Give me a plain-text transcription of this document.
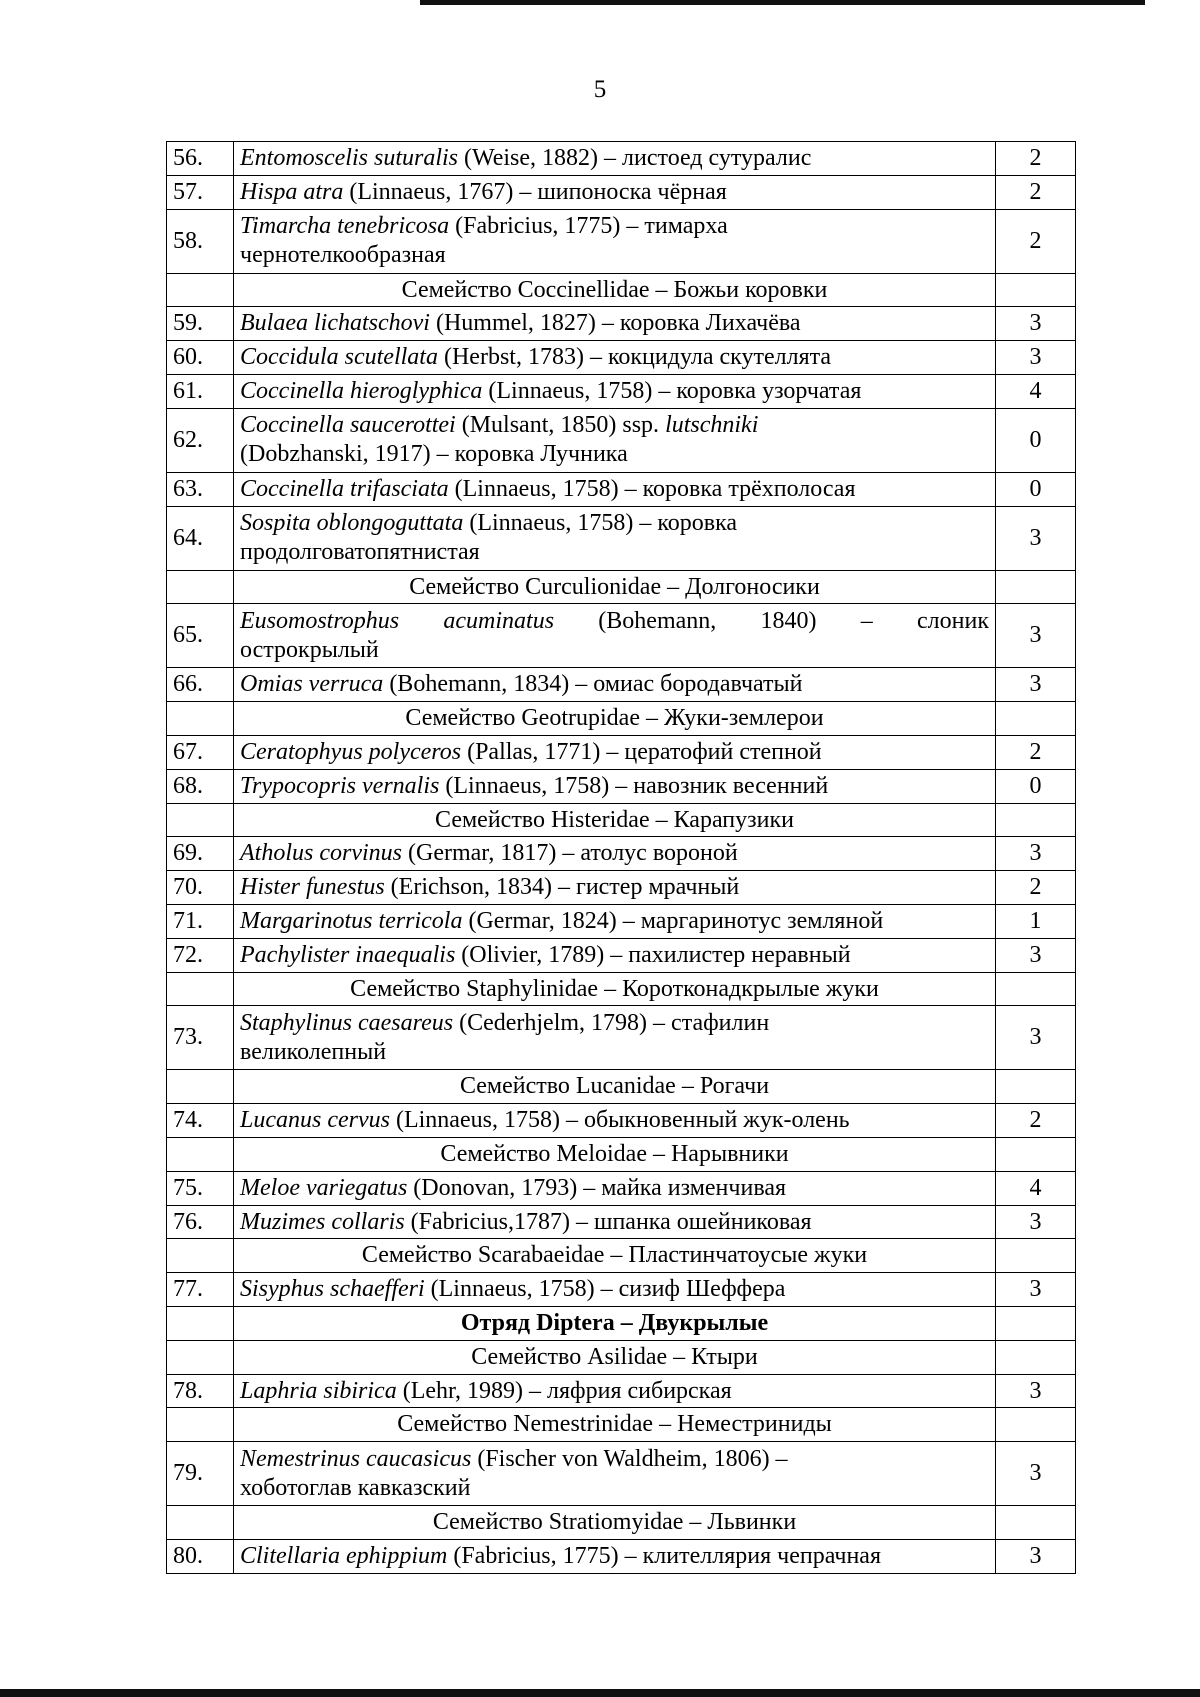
5
56.	Entomoscelis suturalis (Weise, 1882) – листоед сутуралис	2
57.	Hispa atra (Linnaeus, 1767) – шипоноска чёрная	2
58.	Timarcha tenebricosa (Fabricius, 1775) – тимарха
чернотелкообразная	2
	Семейство Coccinellidae – Божьи коровки	
59.	Bulaea lichatschovi (Hummel, 1827) – коровка Лихачёва	3
60.	Coccidula scutellata (Herbst, 1783) – кокцидула скутеллята	3
61.	Coccinella hieroglyphica (Linnaeus, 1758) – коровка узорчатая	4
62.	Coccinella saucerottei (Mulsant, 1850) ssp. lutschniki
(Dobzhanski, 1917) – коровка Лучника	0
63.	Coccinella trifasciata (Linnaeus, 1758) – коровка трёхполосая	0
64.	Sospita oblongoguttata (Linnaeus, 1758) – коровка
продолговатопятнистая	3
	Семейство Curculionidae – Долгоносики	
65.	Eusomostrophus acuminatus (Bohemann, 1840) – слоник
острокрылый	3
66.	Omias verruca (Bohemann, 1834) – омиас бородавчатый	3
	Семейство Geotrupidae – Жуки-землерои	
67.	Ceratophyus polyceros (Pallas, 1771) – цератофий степной	2
68.	Trypocopris vernalis (Linnaeus, 1758) – навозник весенний	0
	Семейство Histeridae – Карапузики	
69.	Atholus corvinus (Germar, 1817) – атолус вороной	3
70.	Hister funestus (Erichson, 1834) – гистер мрачный	2
71.	Margarinotus terricola (Germar, 1824) – маргаринотус земляной	1
72.	Pachylister inaequalis (Olivier, 1789) – пахилистер неравный	3
	Семейство Staphylinidae – Коротконадкрылые жуки	
73.	Staphylinus caesareus (Cederhjelm, 1798) – стафилин
великолепный	3
	Семейство Lucanidae – Рогачи	
74.	Lucanus cervus (Linnaeus, 1758) – обыкновенный жук-олень	2
	Семейство Meloidae – Нарывники	
75.	Meloe variegatus (Donovan, 1793) – майка изменчивая	4
76.	Muzimes collaris (Fabricius,1787) – шпанка ошейниковая	3
	Семейство Scarabaeidae – Пластинчатоусые жуки	
77.	Sisyphus schaefferi (Linnaeus, 1758) – сизиф Шеффера	3
	Отряд Diptera – Двукрылые	
	Семейство Asilidae – Ктыри	
78.	Laphria sibirica (Lehr, 1989) – ляфрия сибирская	3
	Семейство Nemestrinidae – Неместриниды	
79.	Nemestrinus caucasicus (Fischer von Waldheim, 1806) –
хоботоглав кавказский	3
	Семейство Stratiomyidae – Львинки	
80.	Clitellaria ephippium (Fabricius, 1775) – клителлярия чепрачная	3
